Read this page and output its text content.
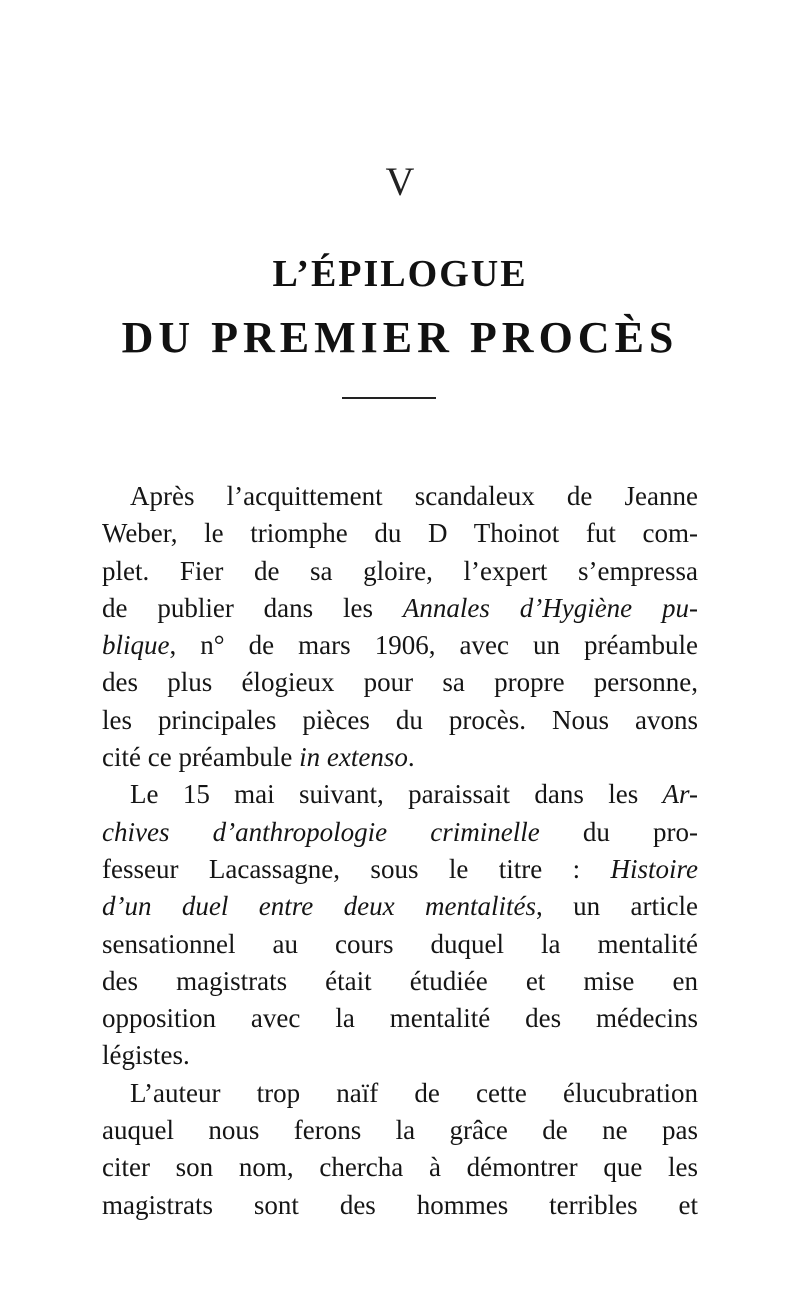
V
L’ÉPILOGUE
DU PREMIER PROCÈS
Après l’acquittement scandaleux de Jeanne
Weber, le triomphe du D Thoinot fut com-
plet. Fier de sa gloire, l’expert s’empressa
de publier dans les Annales d’Hygiène pu-
blique, n° de mars 1906, avec un préambule
des plus élogieux pour sa propre personne,
les principales pièces du procès. Nous avons
cité ce préambule in extenso.
Le 15 mai suivant, paraissait dans les Ar-
chives d’anthropologie criminelle du pro-
fesseur Lacassagne, sous le titre : Histoire
d’un duel entre deux mentalités, un article
sensationnel au cours duquel la mentalité
des magistrats était étudiée et mise en
opposition avec la mentalité des médecins
légistes.
L’auteur trop naïf de cette élucubration
auquel nous ferons la grâce de ne pas
citer son nom, chercha à démontrer que les
magistrats sont des hommes terribles et
